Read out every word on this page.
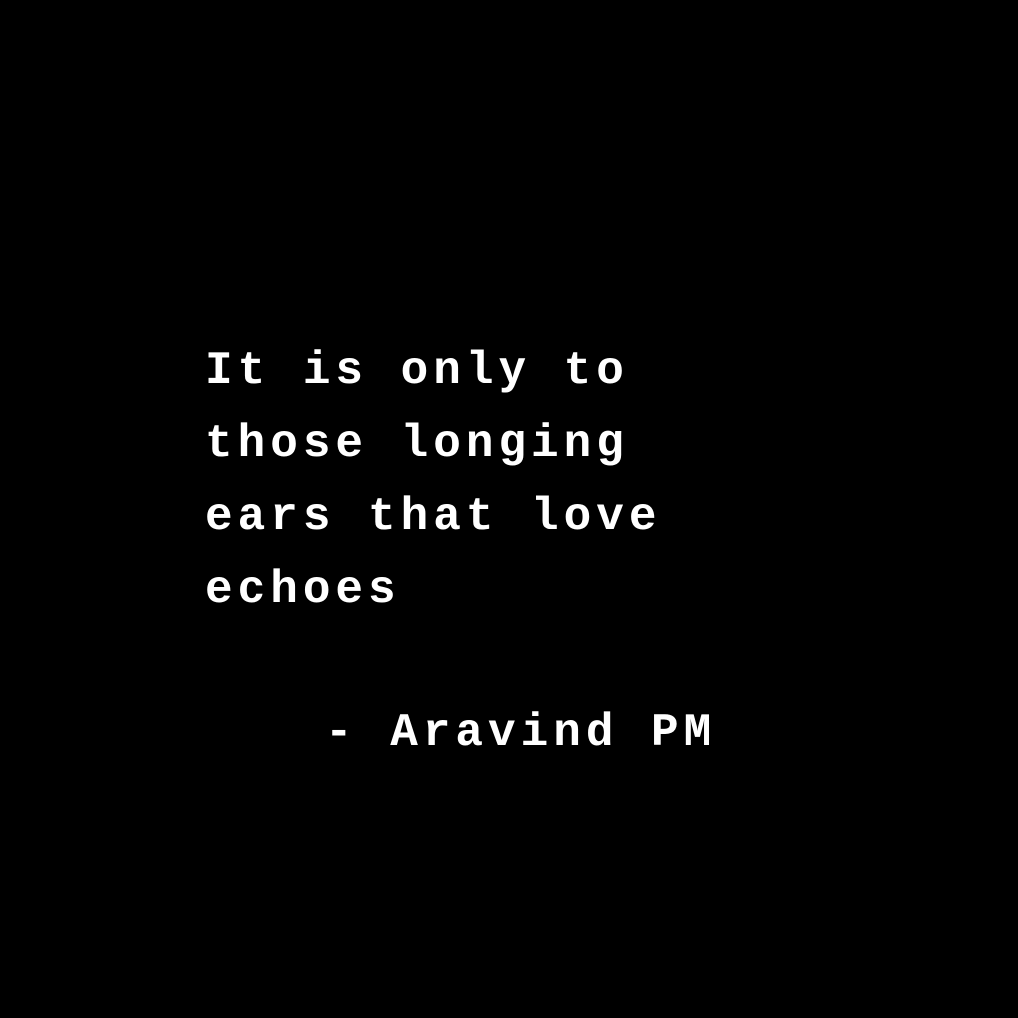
It is only to
those longing
ears that love
echoes

- Aravind PM
